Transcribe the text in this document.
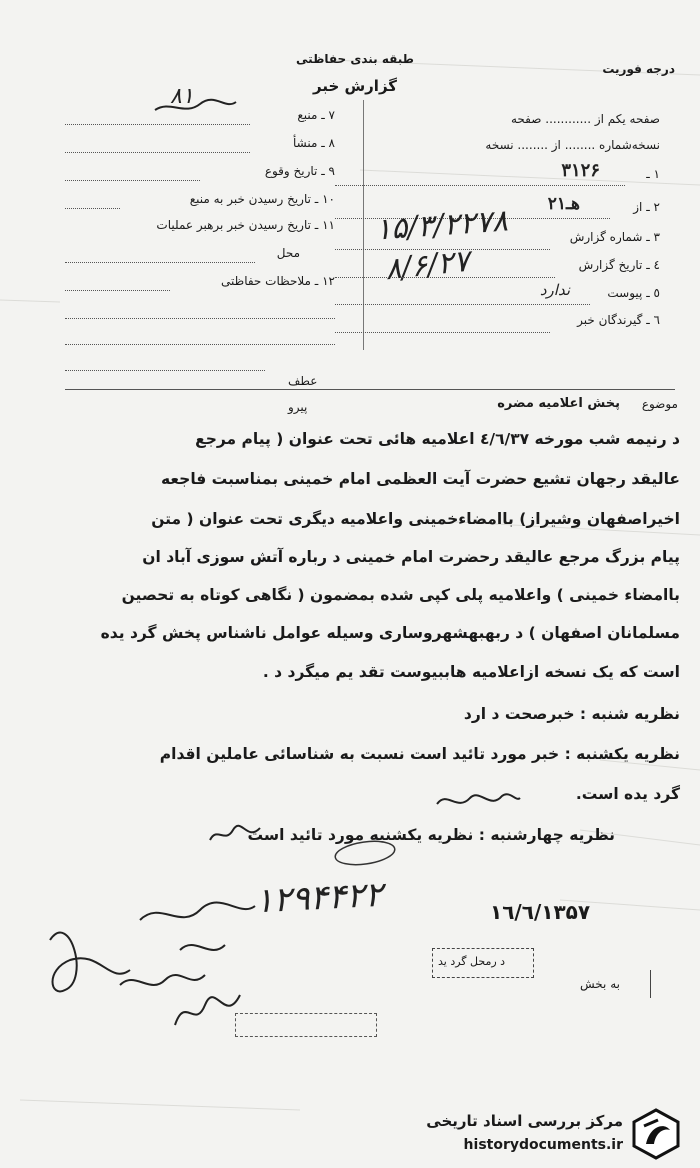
درجه فوریت
طبقه بندی حفاظتی
گزارش خبر
۸۱
صفحه یکم از ............ صفحه
نسخه‌شماره ........ از ........ نسخه
۱ ـ
۳۱۲۶
۲ ـ از
۲۱هـ
۳ ـ شماره گزارش
۱۵/۳/۲۲۷۸
٤ ـ تاریخ گزارش
۸/۶/۲۷
٥ ـ پیوست
ندارد
٦ ـ گیرندگان خبر
۷ ـ منبع
۸ ـ منشأ
۹ ـ تاریخ وقوع
۱۰ ـ تاریخ رسیدن خبر به منبع
۱۱ ـ تاریخ رسیدن خبر برهبر عملیات
محل
۱۲ ـ ملاحظات حفاظتی
عطف
پیرو	موضوع
پخش اعلامیه مضره
د رنیمه شب مورخه ٤/٦/۳۷ اعلامیه هائی تحت عنوان ( پیام مرجع
عالیقد رجهان تشیع حضرت آیت العظمی امام خمینی بمناسبت فاجعه
اخیراصفهان وشیراز) باامضاءخمینی واعلامیه دیگری تحت عنوان ( متن
پیام بزرگ مرجع عالیقد رحضرت امام خمینی د رباره آتش سوزی آباد ان
باامضاء خمینی ) واعلامیه پلی کپی شده بمضمون ( نگاهی کوتاه به تحصین
مسلمانان اصفهان ) د ربهبهشهروساری وسیله عوامل ناشناس پخش گرد یده
است که یک نسخه ازاعلامیه هاببیوست تقد یم میگرد د .
نظریه شنبه : خبرصحت د ارد
نظریه یکشنبه : خبر مورد تائید است نسبت به شناسائی عاملین اقدام
گرد یده است.
نظریه چهارشنبه : نظریه یکشنبه مورد تائید است
۱۲۹۴۴۲۲	۱۳۵۷/٦/۱٦
د رمحل گرد ید
به بخش
مرکز بررسی اسناد تاریخی
historydocuments.ir
